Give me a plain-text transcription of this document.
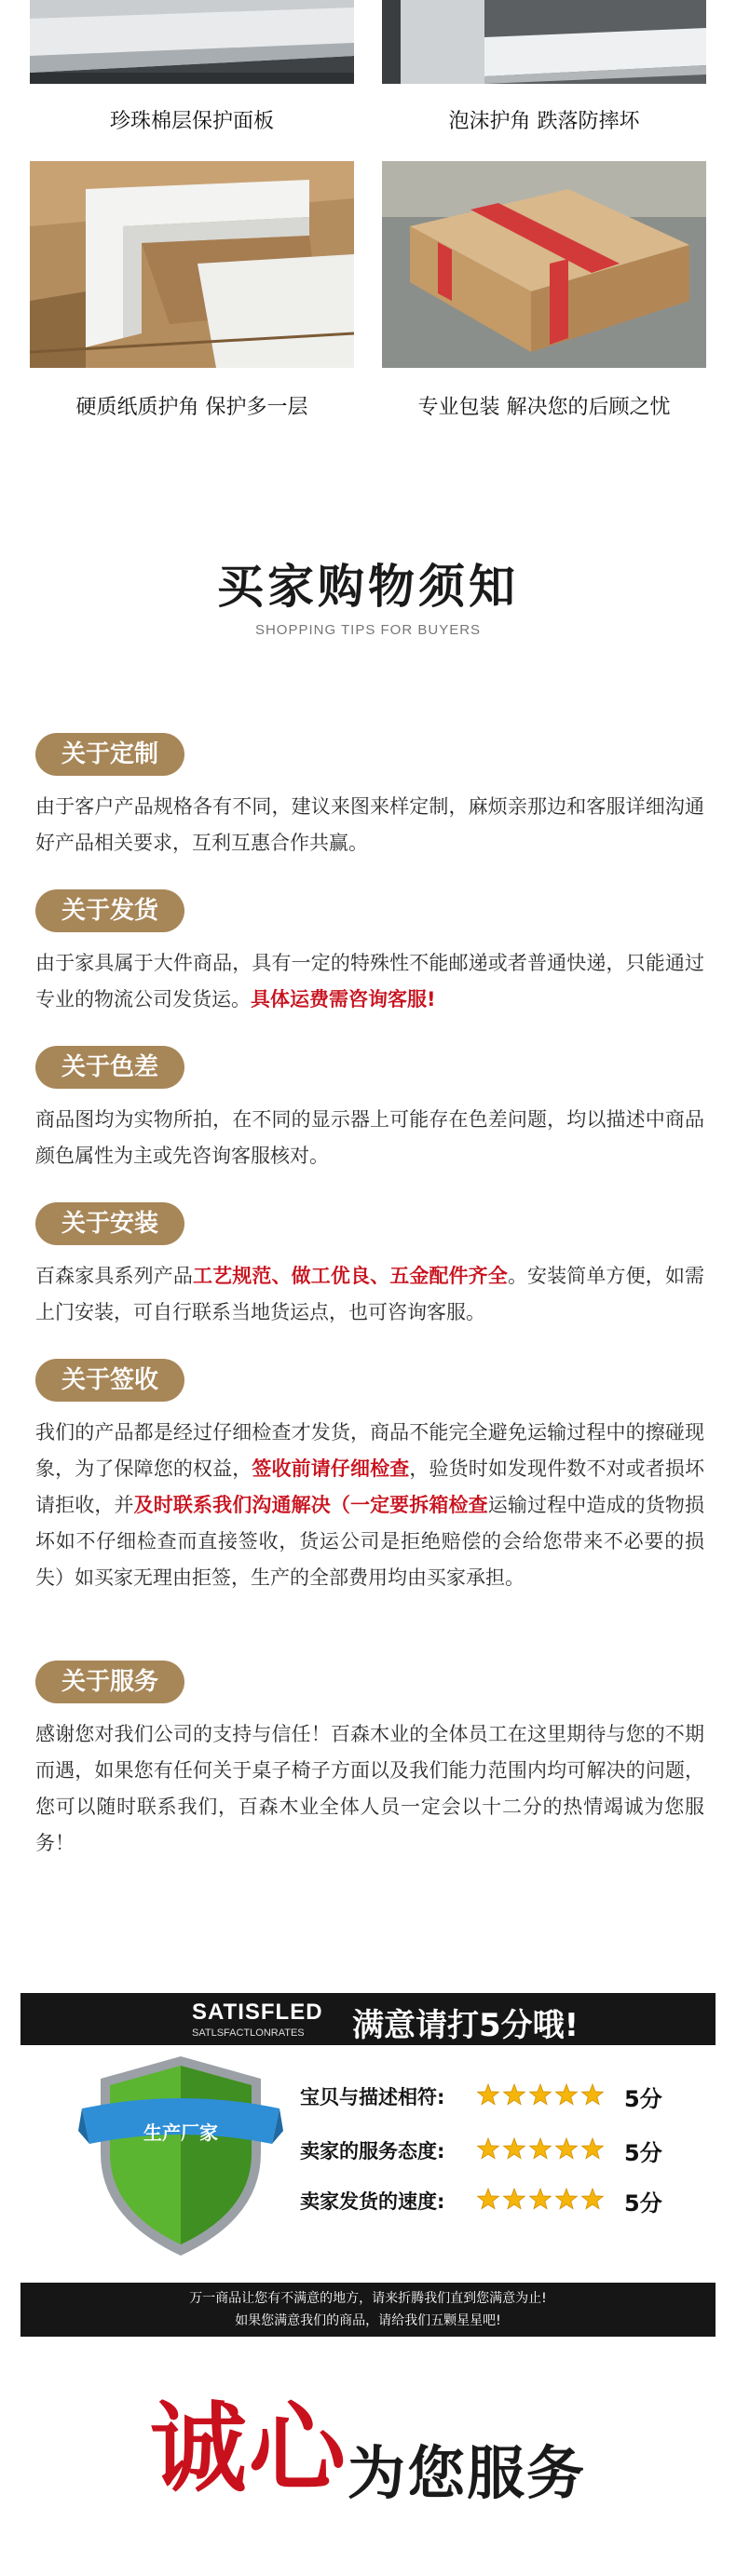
珍珠棉层保护面板	泡沫护角 跌落防摔坏
硬质纸质护角 保护多一层	专业包装 解决您的后顾之忧
买家购物须知
SHOPPING TIPS FOR BUYERS
关于定制
由于客户产品规格各有不同，建议来图来样定制，麻烦亲那边和客服详细沟通好产品相关要求，互利互惠合作共赢。
关于发货
由于家具属于大件商品，具有一定的特殊性不能邮递或者普通快递，只能通过专业的物流公司发货运。具体运费需咨询客服!
关于色差
商品图均为实物所拍，在不同的显示器上可能存在色差问题，均以描述中商品颜色属性为主或先咨询客服核对。
关于安装
百森家具系列产品工艺规范、做工优良、五金配件齐全。安装简单方便，如需上门安装，可自行联系当地货运点，也可咨询客服。
关于签收
我们的产品都是经过仔细检查才发货，商品不能完全避免运输过程中的擦碰现象，为了保障您的权益，签收前请仔细检查，验货时如发现件数不对或者损坏请拒收，并及时联系我们沟通解决（一定要拆箱检查运输过程中造成的货物损坏如不仔细检查而直接签收，货运公司是拒绝赔偿的会给您带来不必要的损失）如买家无理由拒签，生产的全部费用均由买家承担。
关于服务
感谢您对我们公司的支持与信任！百森木业的全体员工在这里期待与您的不期而遇，如果您有任何关于桌子椅子方面以及我们能力范围内均可解决的问题，您可以随时联系我们，百森木业全体人员一定会以十二分的热情竭诚为您服务！
SATISFLED
SATLSFACTLONRATES 满意请打5分哦!
生产厂家
宝贝与描述相符:	5分
卖家的服务态度:	5分
卖家发货的速度:	5分
万一商品让您有不满意的地方，请来折腾我们直到您满意为止!
如果您满意我们的商品，请给我们五颗星星吧!
诚心为您服务
